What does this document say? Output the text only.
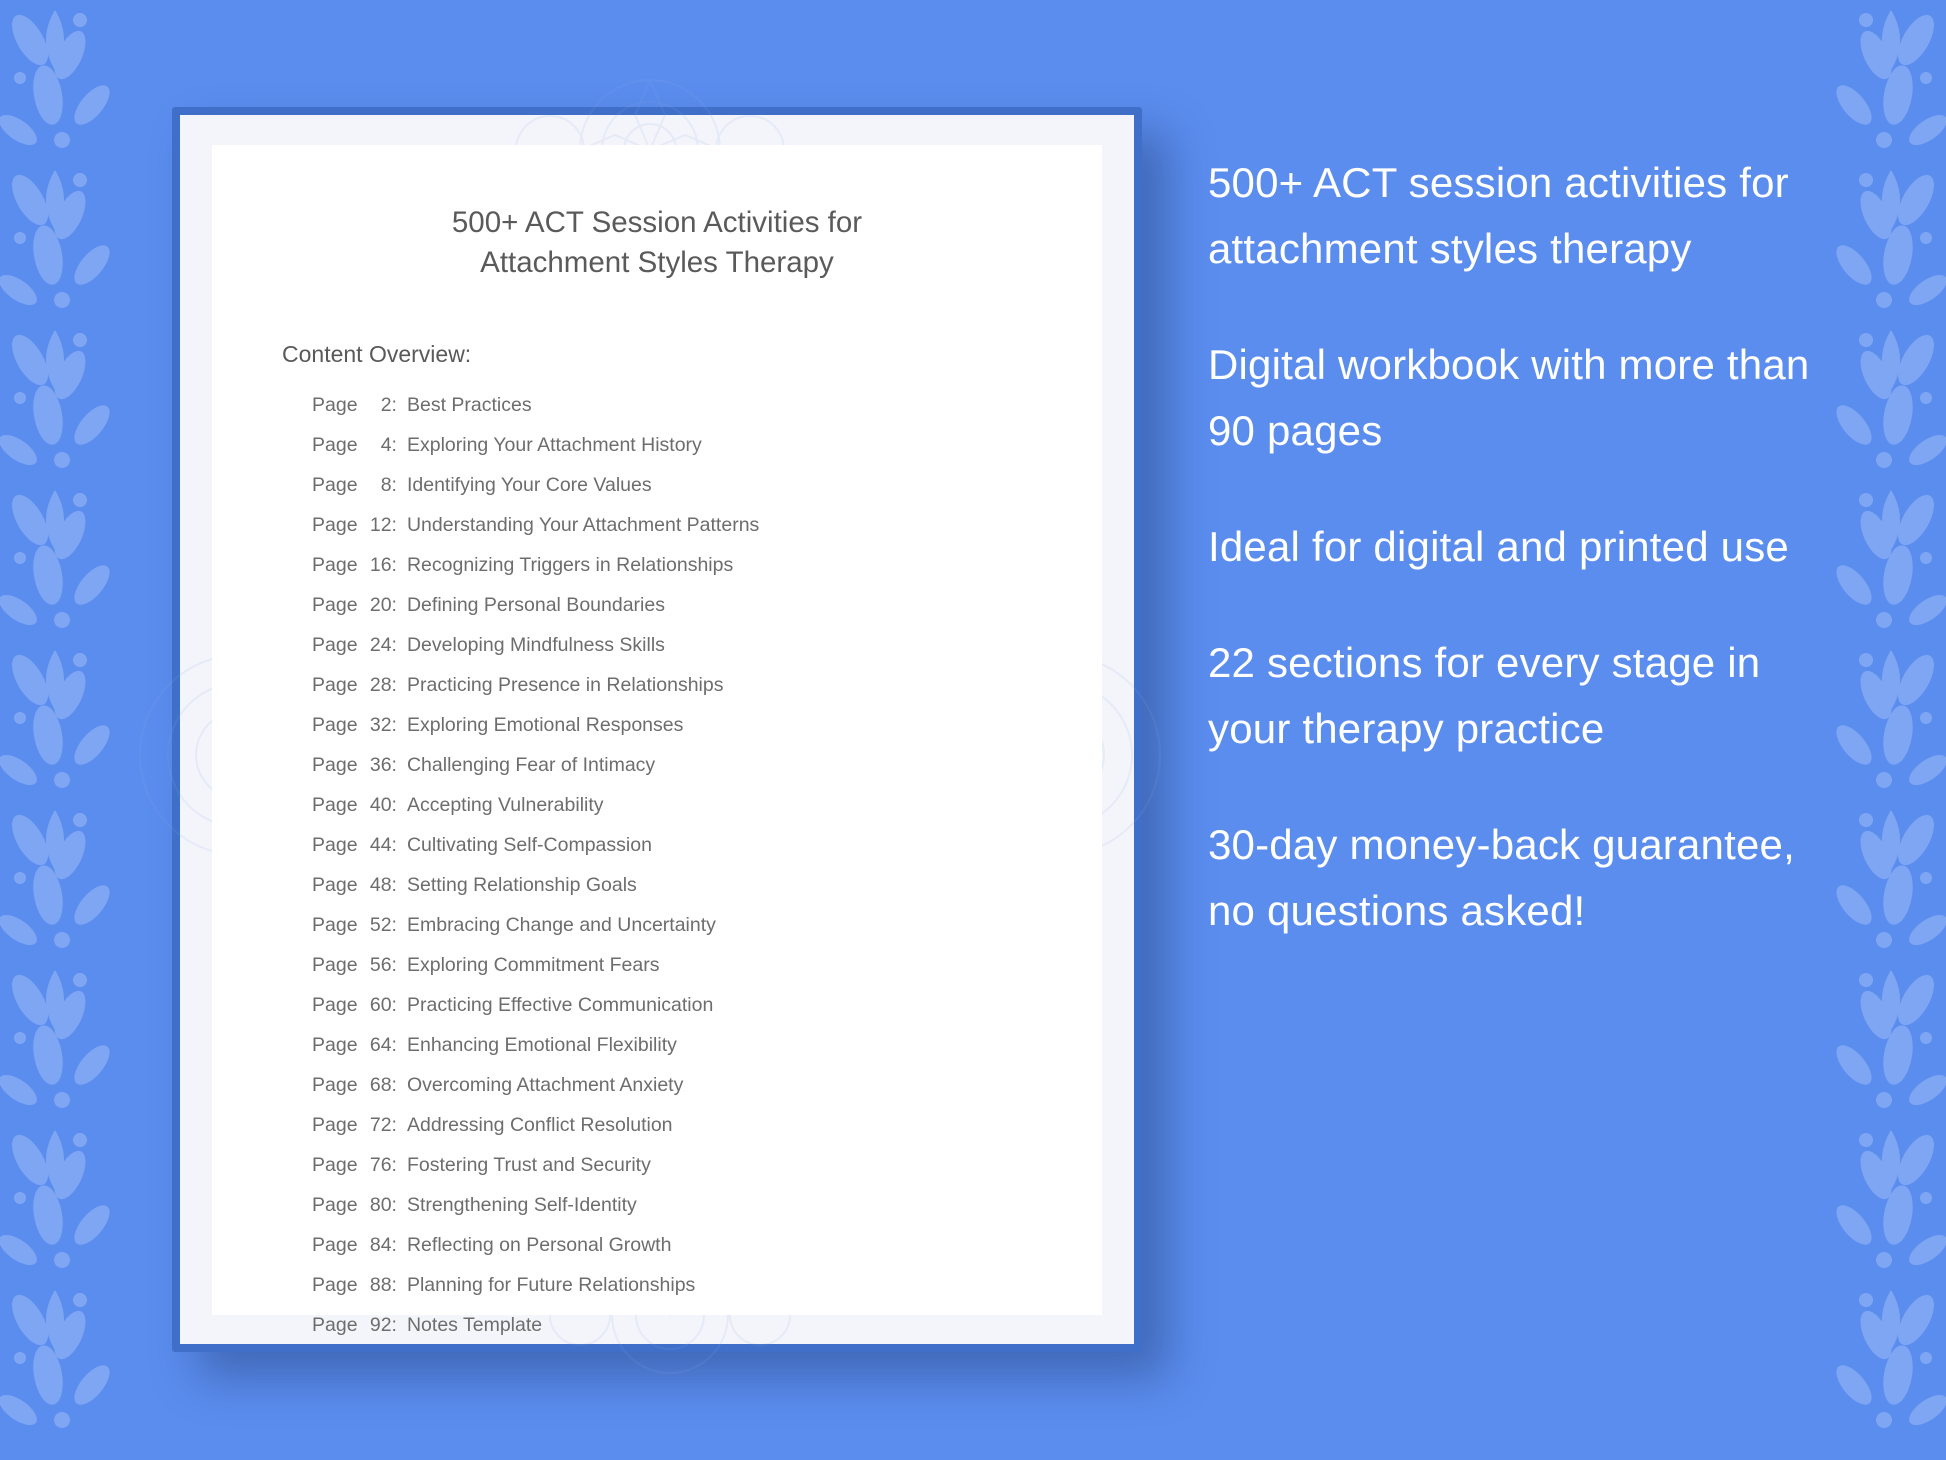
500+ ACT Session Activities for
Attachment Styles Therapy
Content Overview:
Page	2 : Best Practices
Page	4 : Exploring Your Attachment History
Page	8 : Identifying Your Core Values
Page 12 : Understanding Your Attachment Patterns
Page 16 : Recognizing Triggers in Relationships
Page 20 : Defining Personal Boundaries
Page 24 : Developing Mindfulness Skills
Page 28 : Practicing Presence in Relationships
Page 32 : Exploring Emotional Responses
Page 36 : Challenging Fear of Intimacy
Page 40 : Accepting Vulnerability
Page 44 : Cultivating Self-Compassion
Page 48 : Setting Relationship Goals
Page 52 : Embracing Change and Uncertainty
Page 56 : Exploring Commitment Fears
Page 60 : Practicing Effective Communication
Page 64 : Enhancing Emotional Flexibility
Page 68 : Overcoming Attachment Anxiety
Page 72 : Addressing Conflict Resolution
Page 76 : Fostering Trust and Security
Page 80 : Strengthening Self-Identity
Page 84 : Reflecting on Personal Growth
Page 88 : Planning for Future Relationships
Page 92 : Notes Template
500+ ACT session activities for attachment styles therapy
Digital workbook with more than 90 pages
Ideal for digital and printed use
22 sections for every stage in your therapy practice
30-day money-back guarantee, no questions asked!
